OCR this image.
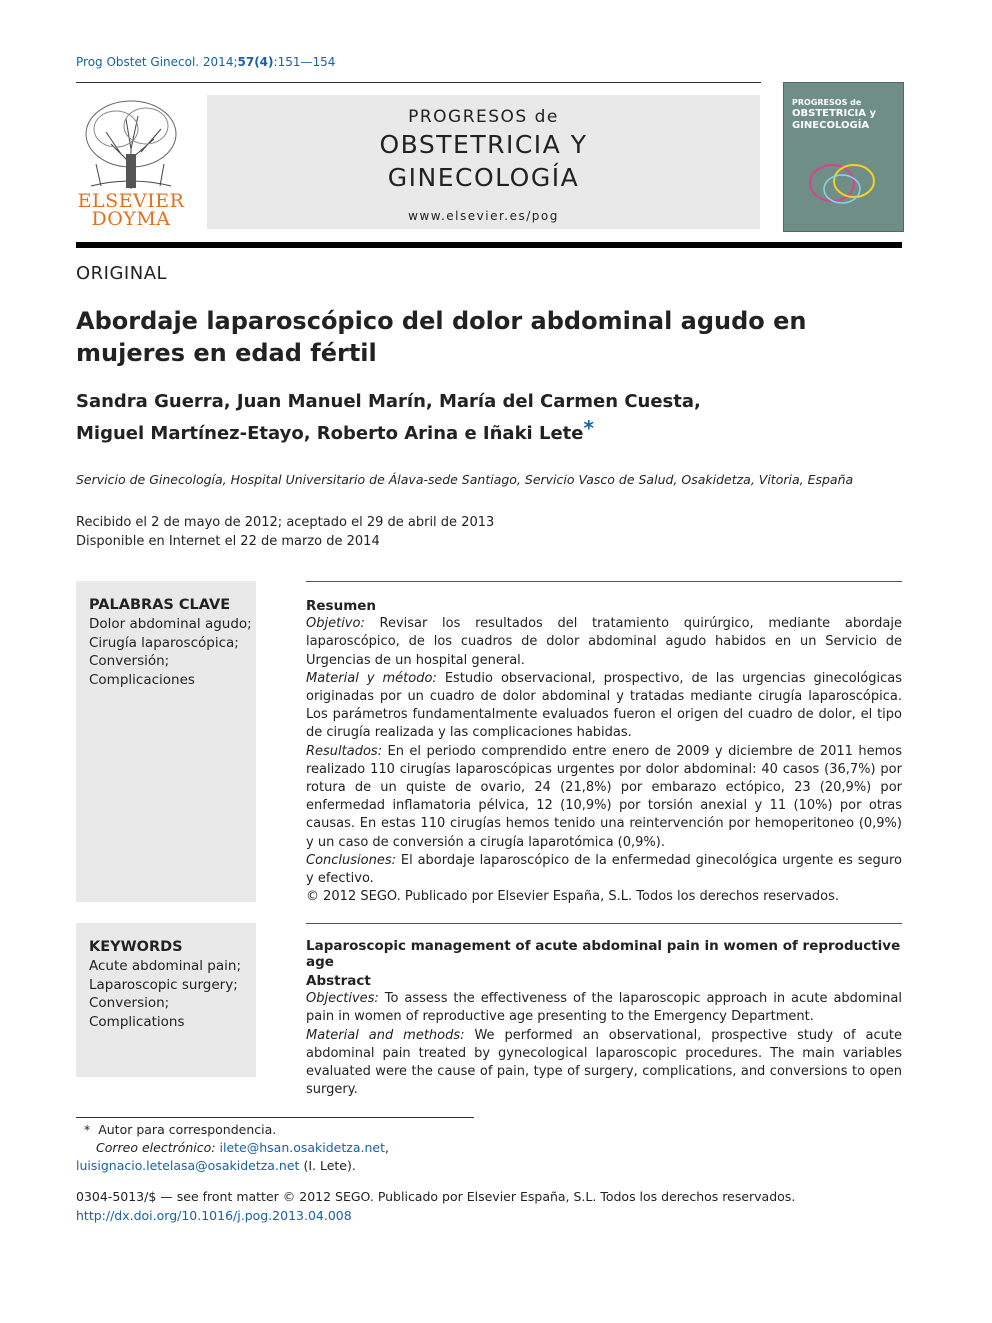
Prog Obstet Ginecol. 2014;57(4):151—154
ELSEVIER
DOYMA
PROGRESOS de
OBSTETRICIA Y
GINECOLOGÍA
www.elsevier.es/pog
PROGRESOS de
OBSTETRICIA y
GINECOLOGÍA
ORIGINAL
Abordaje laparoscópico del dolor abdominal agudo en mujeres en edad fértil
Sandra Guerra, Juan Manuel Marín, María del Carmen Cuesta,
Miguel Martínez-Etayo, Roberto Arina e Iñaki Lete*
Servicio de Ginecología, Hospital Universitario de Álava-sede Santiago, Servicio Vasco de Salud, Osakidetza, Vitoria, España
Recibido el 2 de mayo de 2012; aceptado el 29 de abril de 2013
Disponible en Internet el 22 de marzo de 2014
PALABRAS CLAVE
Dolor abdominal agudo;
Cirugía laparoscópica;
Conversión;
Complicaciones
KEYWORDS
Acute abdominal pain;
Laparoscopic surgery;
Conversion;
Complications
Resumen
Objetivo: Revisar los resultados del tratamiento quirúrgico, mediante abordaje laparoscópico, de los cuadros de dolor abdominal agudo habidos en un Servicio de Urgencias de un hospital general.
Material y método: Estudio observacional, prospectivo, de las urgencias ginecológicas originadas por un cuadro de dolor abdominal y tratadas mediante cirugía laparoscópica. Los parámetros fundamentalmente evaluados fueron el origen del cuadro de dolor, el tipo de cirugía realizada y las complicaciones habidas.
Resultados: En el periodo comprendido entre enero de 2009 y diciembre de 2011 hemos realizado 110 cirugías laparoscópicas urgentes por dolor abdominal: 40 casos (36,7%) por rotura de un quiste de ovario, 24 (21,8%) por embarazo ectópico, 23 (20,9%) por enfermedad inflamatoria pélvica, 12 (10,9%) por torsión anexial y 11 (10%) por otras causas. En estas 110 cirugías hemos tenido una reintervención por hemoperitoneo (0,9%) y un caso de conversión a cirugía laparotómica (0,9%).
Conclusiones: El abordaje laparoscópico de la enfermedad ginecológica urgente es seguro y efectivo.
© 2012 SEGO. Publicado por Elsevier España, S.L. Todos los derechos reservados.
Laparoscopic management of acute abdominal pain in women of reproductive age
Abstract
Objectives: To assess the effectiveness of the laparoscopic approach in acute abdominal pain in women of reproductive age presenting to the Emergency Department.
Material and methods: We performed an observational, prospective study of acute abdominal pain treated by gynecological laparoscopic procedures. The main variables evaluated were the cause of pain, type of surgery, complications, and conversions to open surgery.
* Autor para correspondencia.
Correo electrónico: ilete@hsan.osakidetza.net,
luisignacio.letelasa@osakidetza.net (I. Lete).
0304-5013/$ — see front matter © 2012 SEGO. Publicado por Elsevier España, S.L. Todos los derechos reservados.
http://dx.doi.org/10.1016/j.pog.2013.04.008
